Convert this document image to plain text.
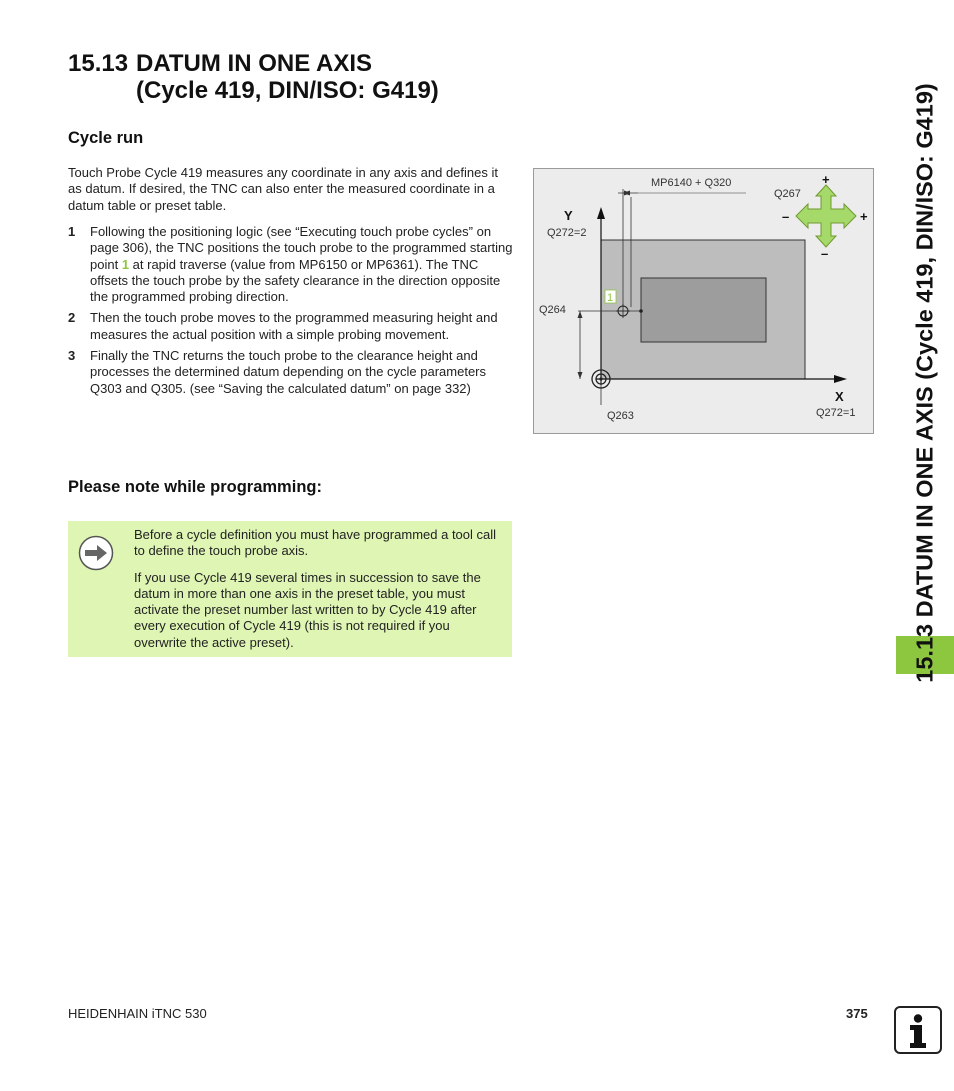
15.13 DATUM IN ONE AXIS
(Cycle 419, DIN/ISO: G419)
Cycle run
Touch Probe Cycle 419 measures any coordinate in any axis and defines it as datum. If desired, the TNC can also enter the measured coordinate in a datum table or preset table.
1	Following the positioning logic (see “Executing touch probe cycles” on page 306), the TNC positions the touch probe to the programmed starting point 1 at rapid traverse (value from MP6150 or MP6361). The TNC offsets the touch probe by the safety clearance in the direction opposite the programmed probing direction.
2	Then the touch probe moves to the programmed measuring height and measures the actual position with a simple probing movement.
3	Finally the TNC returns the touch probe to the clearance height and processes the determined datum depending on the cycle parameters Q303 and Q305. (see “Saving the calculated datum” on page 332)
Please note while programming:

Before a cycle definition you must have programmed a tool call to define the touch probe axis.

If you use Cycle 419 several times in succession to save the datum in more than one axis in the preset table, you must activate the preset number last written to by Cycle 419 after every execution of Cycle 419 (this is not required if you overwrite the active preset).

MP6140 + Q320
Q267
+
–	+
–
Y
Q272=2
Q264
1
X
Q263	Q272=1 15.13 DATUM IN ONE AXIS (Cycle 419, DIN/ISO: G419)
HEIDENHAIN iTNC 530	375
